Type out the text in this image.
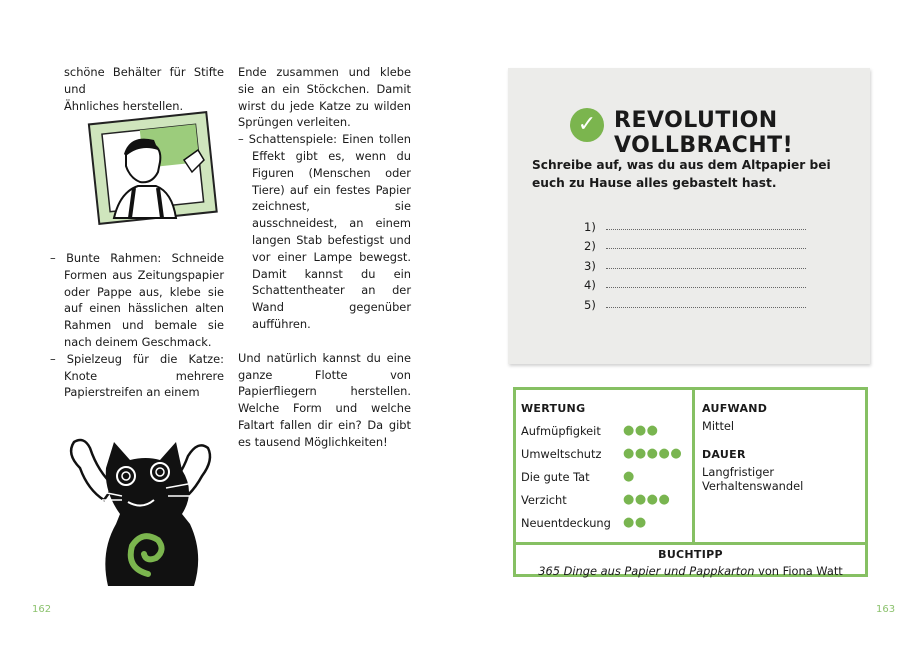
schöne Behälter für Stifte und

Ähnliches herstellen.

– Bunte Rahmen: Schneide Formen aus Zeitungspapier oder Pappe aus, klebe sie auf einen hässlichen alten Rahmen und bemale sie nach deinem Geschmack.

– Spielzeug für die Katze: Knote mehrere Papierstreifen an einem

Ende zusammen und klebe sie an ein Stöckchen. Damit wirst du jede Katze zu wilden Sprüngen verleiten.

– Schattenspiele: Einen tollen Effekt gibt es, wenn du Figuren (Menschen oder Tiere) auf ein festes Papier zeichnest, sie ausschneidest, an einem langen Stab befestigst und vor einer Lampe bewegst. Damit kannst du ein Schattentheater an der Wand gegenüber aufführen.

Und natürlich kannst du eine ganze Flotte von Papierfliegern herstellen. Welche Form und welche Faltart fallen dir ein? Da gibt es tausend Möglichkeiten!

162
✓ REVOLUTION VOLLBRACHT!
Schreibe auf, was du aus dem Altpapier bei euch zu Hause alles gebastelt hast.
1)
2)
3)
4)
5)
WERTUNG
Aufmüpfigkeit ●●●
Umweltschutz ●●●●●
Die gute Tat	●
Verzicht	●●●●
Neuentdeckung ●●
AUFWAND
Mittel
DAUER
Langfristiger Verhaltenswandel
BUCHTIPP
365 Dinge aus Papier und Pappkarton von Fiona Watt
163
